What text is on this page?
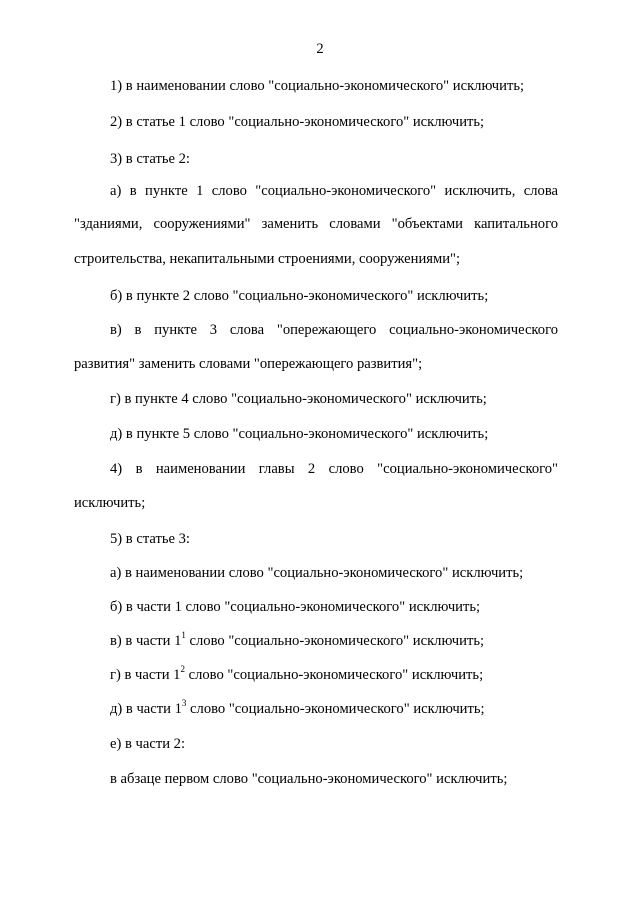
2
1) в наименовании слово "социально-экономического" исключить;
2) в статье 1 слово "социально-экономического" исключить;
3) в статье 2:
а) в пункте 1 слово "социально-экономического" исключить, слова
"зданиями, сооружениями" заменить словами "объектами капитального
строительства, некапитальными строениями, сооружениями";
б) в пункте 2 слово "социально-экономического" исключить;
в) в пункте 3 слова "опережающего социально-экономического
развития" заменить словами "опережающего развития";
г) в пункте 4 слово "социально-экономического" исключить;
д) в пункте 5 слово "социально-экономического" исключить;
4) в наименовании главы 2 слово "социально-экономического"
исключить;
5) в статье 3:
а) в наименовании слово "социально-экономического" исключить;
б) в части 1 слово "социально-экономического" исключить;
в) в части $1^1$ слово "социально-экономического" исключить;
г) в части $1^2$ слово "социально-экономического" исключить;
д) в части $1^3$ слово "социально-экономического" исключить;
е) в части 2:
в абзаце первом слово "социально-экономического" исключить;
